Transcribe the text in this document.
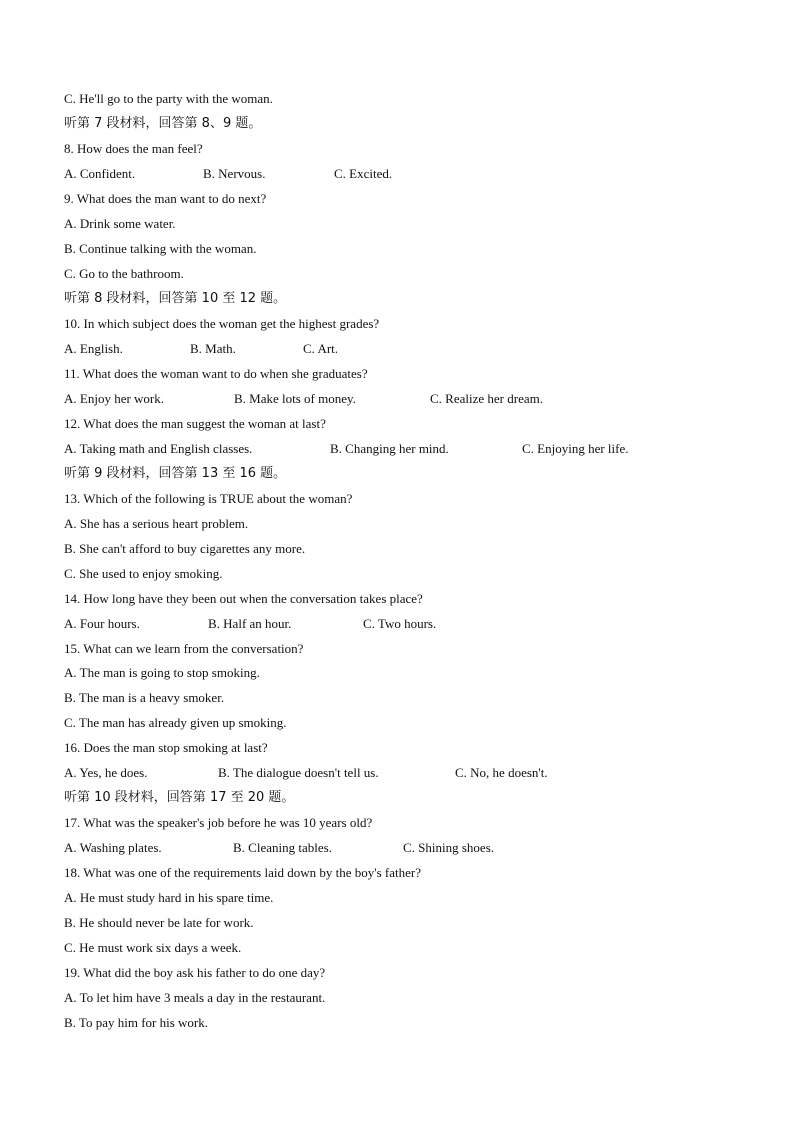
C. He'll go to the party with the woman.
听第 7 段材料，回答第 8、9 题。
8. How does the man feel?
A. Confident.	B. Nervous.	C. Excited.
9. What does the man want to do next?
A. Drink some water.
B. Continue talking with the woman.
C. Go to the bathroom.
听第 8 段材料，回答第 10 至 12 题。
10. In which subject does the woman get the highest grades?
A. English.	B. Math.	C. Art.
11. What does the woman want to do when she graduates?
A. Enjoy her work.	B. Make lots of money.	C. Realize her dream.
12. What does the man suggest the woman at last?
A. Taking math and English classes.	B. Changing her mind.	C. Enjoying her life.
听第 9 段材料，回答第 13 至 16 题。
13. Which of the following is TRUE about the woman?
A. She has a serious heart problem.
B. She can't afford to buy cigarettes any more.
C. She used to enjoy smoking.
14. How long have they been out when the conversation takes place?
A. Four hours.	B. Half an hour.	C. Two hours.
15. What can we learn from the conversation?
A. The man is going to stop smoking.
B. The man is a heavy smoker.
C. The man has already given up smoking.
16. Does the man stop smoking at last?
A. Yes, he does.	B. The dialogue doesn't tell us.	C. No, he doesn't.
听第 10 段材料，回答第 17 至 20 题。
17. What was the speaker's job before he was 10 years old?
A. Washing plates.	B. Cleaning tables.	C. Shining shoes.
18. What was one of the requirements laid down by the boy's father?
A. He must study hard in his spare time.
B. He should never be late for work.
C. He must work six days a week.
19. What did the boy ask his father to do one day?
A. To let him have 3 meals a day in the restaurant.
B. To pay him for his work.
